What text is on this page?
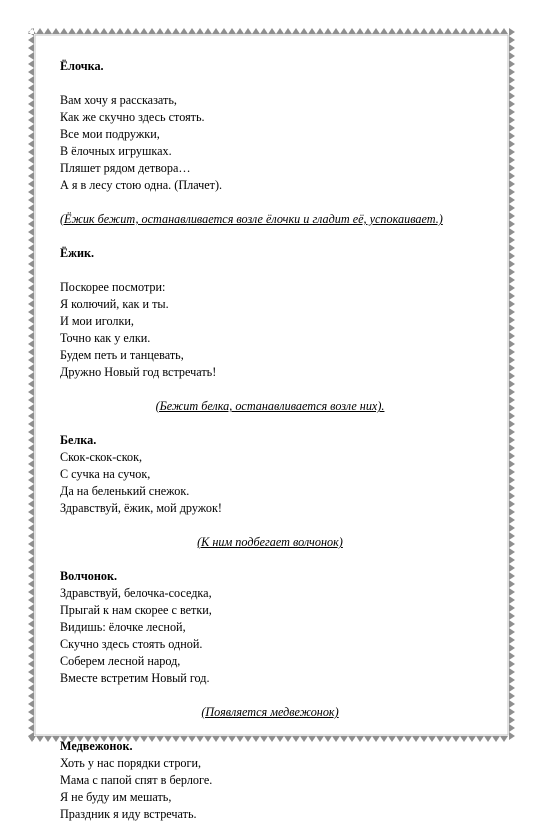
Ёлочка.
Вам хочу я рассказать,
Как же скучно здесь стоять.
Все мои подружки,
В ёлочных игрушках.
Пляшет рядом детвора…
А я в лесу стою одна. (Плачет).
(Ёжик бежит, останавливается возле ёлочки и гладит её, успокаивает.)
Ёжик.
Поскорее посмотри:
Я колючий, как и ты.
И мои иголки,
Точно как у елки.
Будем петь и танцевать,
Дружно Новый год встречать!
(Бежит белка, останавливается возле них).
Белка.
Скок-скок-скок,
С сучка на сучок,
Да на беленький снежок.
Здравствуй, ёжик, мой дружок!
(К ним подбегает волчонок)
Волчонок.
Здравствуй, белочка-соседка,
Прыгай к нам скорее с ветки,
Видишь: ёлочке лесной,
Скучно здесь стоять одной.
Соберем лесной народ,
Вместе встретим Новый год.
(Появляется медвежонок)
Медвежонок.
Хоть у нас порядки строги,
Мама с папой спят в берлоге.
Я не буду им мешать,
Праздник я иду встречать.
